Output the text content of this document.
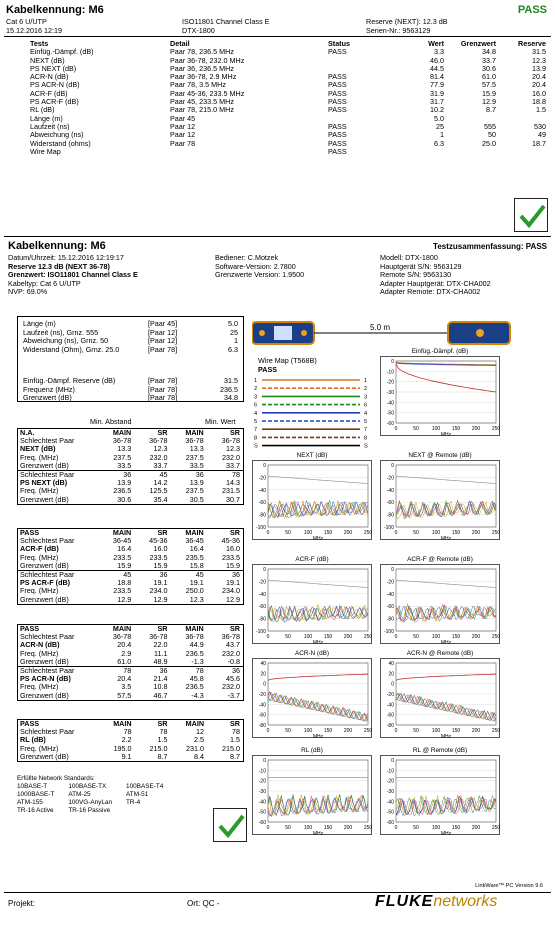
Kabelkennung: M6	PASS
Cat 6 U/UTP
15.12.2016 12:19
ISO11801 Channel Class E
DTX-1800
Reserve (NEXT): 12.3 dB
Serien-Nr.: 9563129
Tests	Detail	Status	Wert	Grenzwert	Reserve
Einfüg.-Dämpf. (dB)	Paar 78, 236.5 MHz	PASS	3.3	34.8	31.5
NEXT (dB)	Paar 36-78, 232.0 MHz		46.0	33.7	12.3
PS NEXT (dB)	Paar 36, 236.5 MHz		44.5	30.6	13.9
ACR-N (dB)	Paar 36-78, 2.9 MHz	PASS	81.4	61.0	20.4
PS ACR-N (dB)	Paar 78, 3.5 MHz	PASS	77.9	57.5	20.4
ACR-F (dB)	Paar 45-36, 233.5 MHz	PASS	31.9	15.9	16.0
PS ACR-F (dB)	Paar 45, 233.5 MHz	PASS	31.7	12.9	18.8
RL (dB)	Paar 78, 215.0 MHz	PASS	10.2	8.7	1.5
Länge (m)	Paar 45		5.0		
Laufzeit (ns)	Paar 12	PASS	25	555	530
Abweichung (ns)	Paar 12	PASS	1	50	49
Widerstand (ohms)	Paar 78	PASS	6.3	25.0	18.7
Wire Map		PASS			
Kabelkennung: M6	Testzusammenfassung: PASS
Datum/Uhrzeit: 15.12.2016 12:19:17
Reserve 12.3 dB (NEXT 36-78)
Grenzwert: ISO11801 Channel Class E
Kabeltyp: Cat 6 U/UTP
NVP: 69.0%
Bediener: C.Motzek
Software-Version: 2.7800
Grenzwerte Version: 1.9500
Modell: DTX-1800
Hauptgerät S/N: 9563129
Remote S/N: 9563130
Adapter Hauptgerät: DTX-CHA002
Adapter Remote: DTX-CHA002
Länge (m)	[Paar 45]	5.0
Laufzeit (ns), Grnz. 555	[Paar 12]	25
Abweichung (ns), Grnz. 50	[Paar 12]	1
Widerstand (Ohm), Grnz. 25.0	[Paar 78]	6.3
Einfüg.-Dämpf. Reserve (dB)	[Paar 78]	31.5
Frequenz (MHz)	[Paar 78]	236.5
Grenzwert (dB)	[Paar 78]	34.8
Min. Abstand	Min. Wert
N.A.	MAIN	SR	MAIN	SR
Schlechtest Paar	36-78	36-78	36-78	36-78
NEXT (dB)	13.3	12.3	13.3	12.3
Freq. (MHz)	237.5	232.0	237.5	232.0
Grenzwert (dB)	33.5	33.7	33.5	33.7
Schlechtest Paar	36	45	36	78
PS NEXT (dB)	13.9	14.2	13.9	14.3
Freq. (MHz)	236.5	125.5	237.5	231.5
Grenzwert (dB)	30.6	35.4	30.5	30.7
PASS	MAIN	SR	MAIN	SR
Schlechtest Paar	36-45	45-36	36-45	45-36
ACR-F (dB)	16.4	16.0	16.4	16.0
Freq. (MHz)	233.5	233.5	235.5	233.5
Grenzwert (dB)	15.9	15.9	15.8	15.9
Schlechtest Paar	45	36	45	36
PS ACR-F (dB)	18.8	19.1	19.1	19.1
Freq. (MHz)	233.5	234.0	250.0	234.0
Grenzwert (dB)	12.9	12.9	12.3	12.9
PASS	MAIN	SR	MAIN	SR
Schlechtest Paar	36-78	36-78	36-78	36-78
ACR-N (dB)	20.4	22.0	44.9	43.7
Freq. (MHz)	2.9	11.1	236.5	232.0
Grenzwert (dB)	61.0	48.9	-1.3	-0.8
Schlechtest Paar	78	36	78	36
PS ACR-N (dB)	20.4	21.4	45.8	45.6
Freq. (MHz)	3.5	10.8	236.5	232.0
Grenzwert (dB)	57.5	46.7	-4.3	-3.7
PASS	MAIN	SR	MAIN	SR
Schlechtest Paar	78	78	12	78
RL (dB)	2.2	1.5	2.5	1.5
Freq. (MHz)	195.0	215.0	231.0	215.0
Grenzwert (dB)	9.1	8.7	8.4	8.7
Erfüllte Network Standards:
10BASE-T	100BASE-TX	100BASE-T4
1000BASE-T	ATM-25	ATM-51
ATM-155	100VG-AnyLan	TR-4
TR-16 Active	TR-16 Passive	
5.0 m
Wire Map (T568B)
PASS
1	1
2	2
3	3
6	6
4	4
5	5
7	7
8	8
S	S
Einfüg.-Dämpf. (dB)
0
-10
-20
-30
-40
-50
-60
0	50	100 150 200 250
MHz
NEXT (dB)
0
-20
-40
-60
-80
-100
0	50	100 150 200 250
MHz
NEXT @ Remote (dB)
0
-20
-40
-60
-80
-100
0	50	100 150 200 250
MHz
ACR-F (dB)
0
-20
-40
-60
-80
-100
0	50	100 150 200 250
MHz
ACR-F @ Remote (dB)
0
-20
-40
-60
-80
-100
0	50	100 150 200 250
MHz
ACR-N (dB)
40
20
0
-20
-40
-60
-80
0	50	100 150 200 250
MHz
ACR-N @ Remote (dB)
40
20
0
-20
-40
-60
-80
0	50	100 150 200 250
MHz
RL (dB)
0
-10
-20
-30
-40
-50
-60
0	50	100 150 200 250
MHz
RL @ Remote (dB)
0
-10
-20
-30
-40
-50
-60
0	50	100 150 200 250
MHz
LinkWare™ PC Version 9.6
Projekt:	Ort: QC -	FLUKEnetworks
